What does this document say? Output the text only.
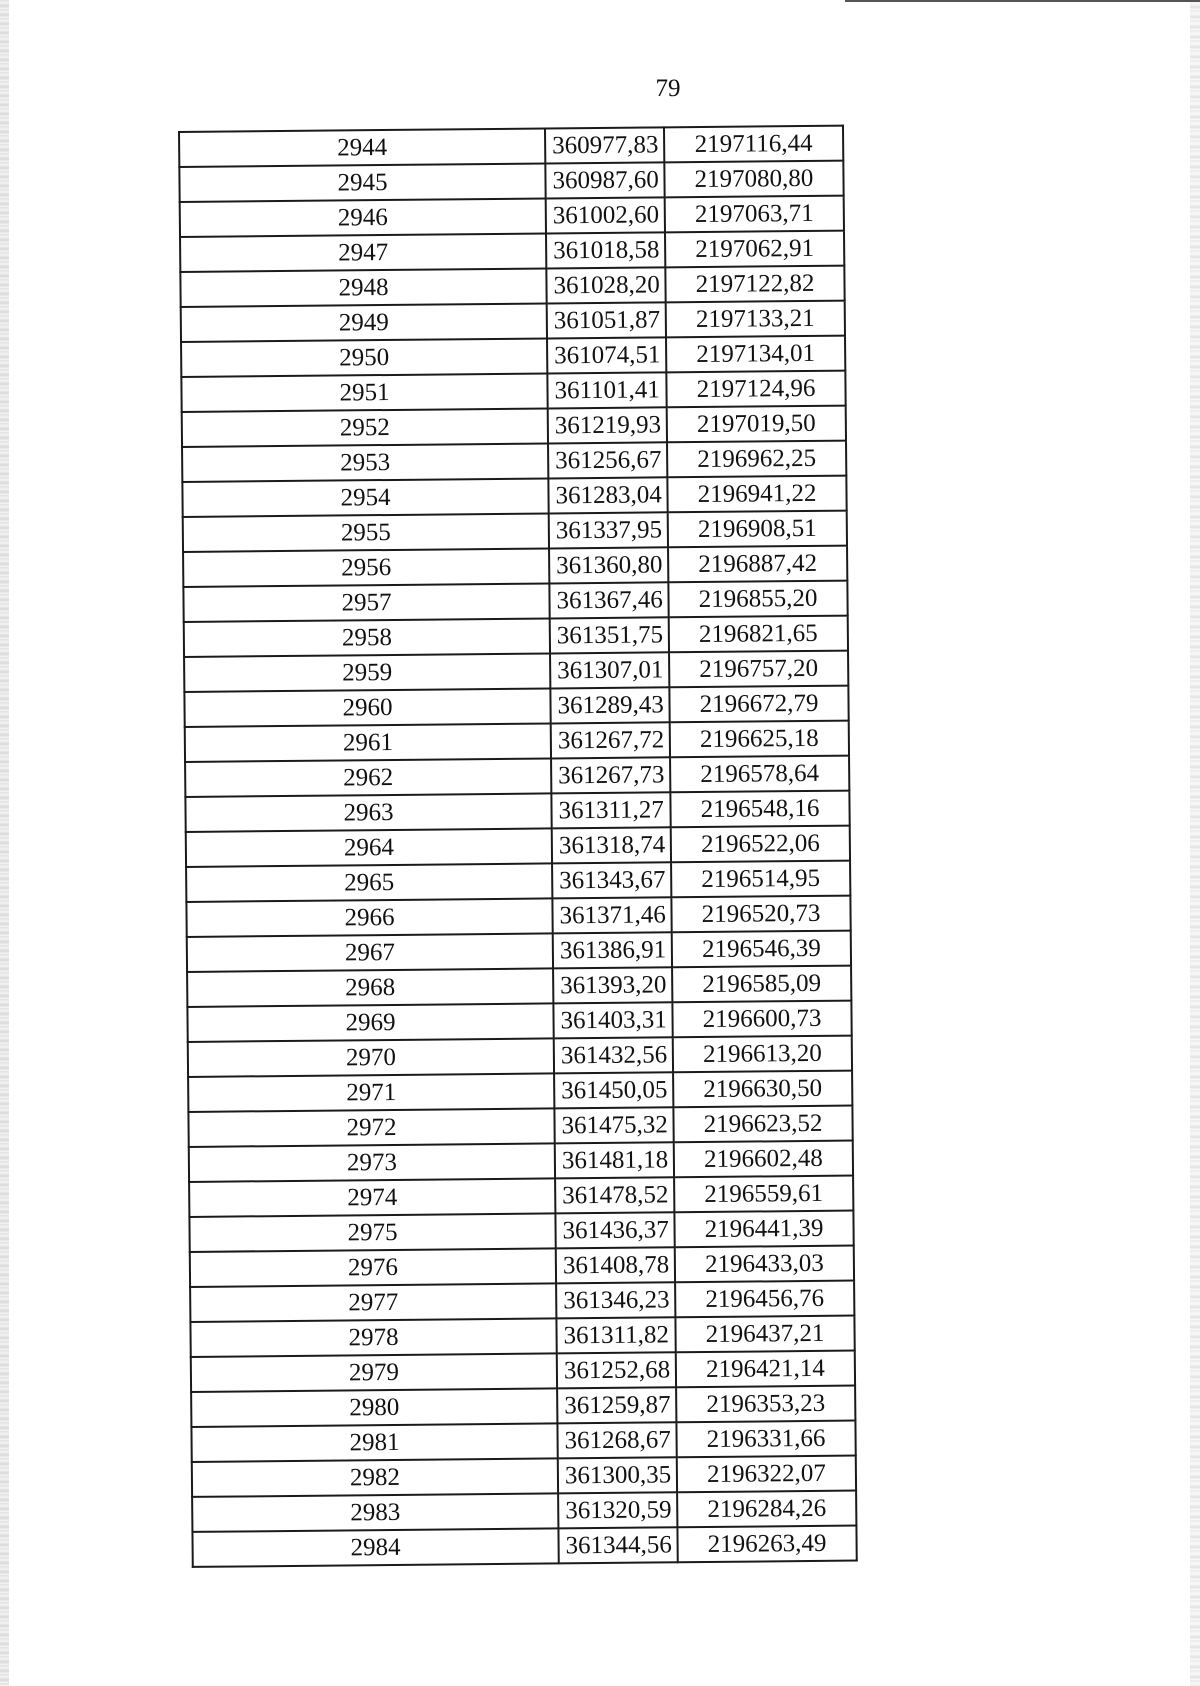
79
2944	360977,83	2197116,44
2945	360987,60	2197080,80
2946	361002,60	2197063,71
2947	361018,58	2197062,91
2948	361028,20	2197122,82
2949	361051,87	2197133,21
2950	361074,51	2197134,01
2951	361101,41	2197124,96
2952	361219,93	2197019,50
2953	361256,67	2196962,25
2954	361283,04	2196941,22
2955	361337,95	2196908,51
2956	361360,80	2196887,42
2957	361367,46	2196855,20
2958	361351,75	2196821,65
2959	361307,01	2196757,20
2960	361289,43	2196672,79
2961	361267,72	2196625,18
2962	361267,73	2196578,64
2963	361311,27	2196548,16
2964	361318,74	2196522,06
2965	361343,67	2196514,95
2966	361371,46	2196520,73
2967	361386,91	2196546,39
2968	361393,20	2196585,09
2969	361403,31	2196600,73
2970	361432,56	2196613,20
2971	361450,05	2196630,50
2972	361475,32	2196623,52
2973	361481,18	2196602,48
2974	361478,52	2196559,61
2975	361436,37	2196441,39
2976	361408,78	2196433,03
2977	361346,23	2196456,76
2978	361311,82	2196437,21
2979	361252,68	2196421,14
2980	361259,87	2196353,23
2981	361268,67	2196331,66
2982	361300,35	2196322,07
2983	361320,59	2196284,26
2984	361344,56	2196263,49
